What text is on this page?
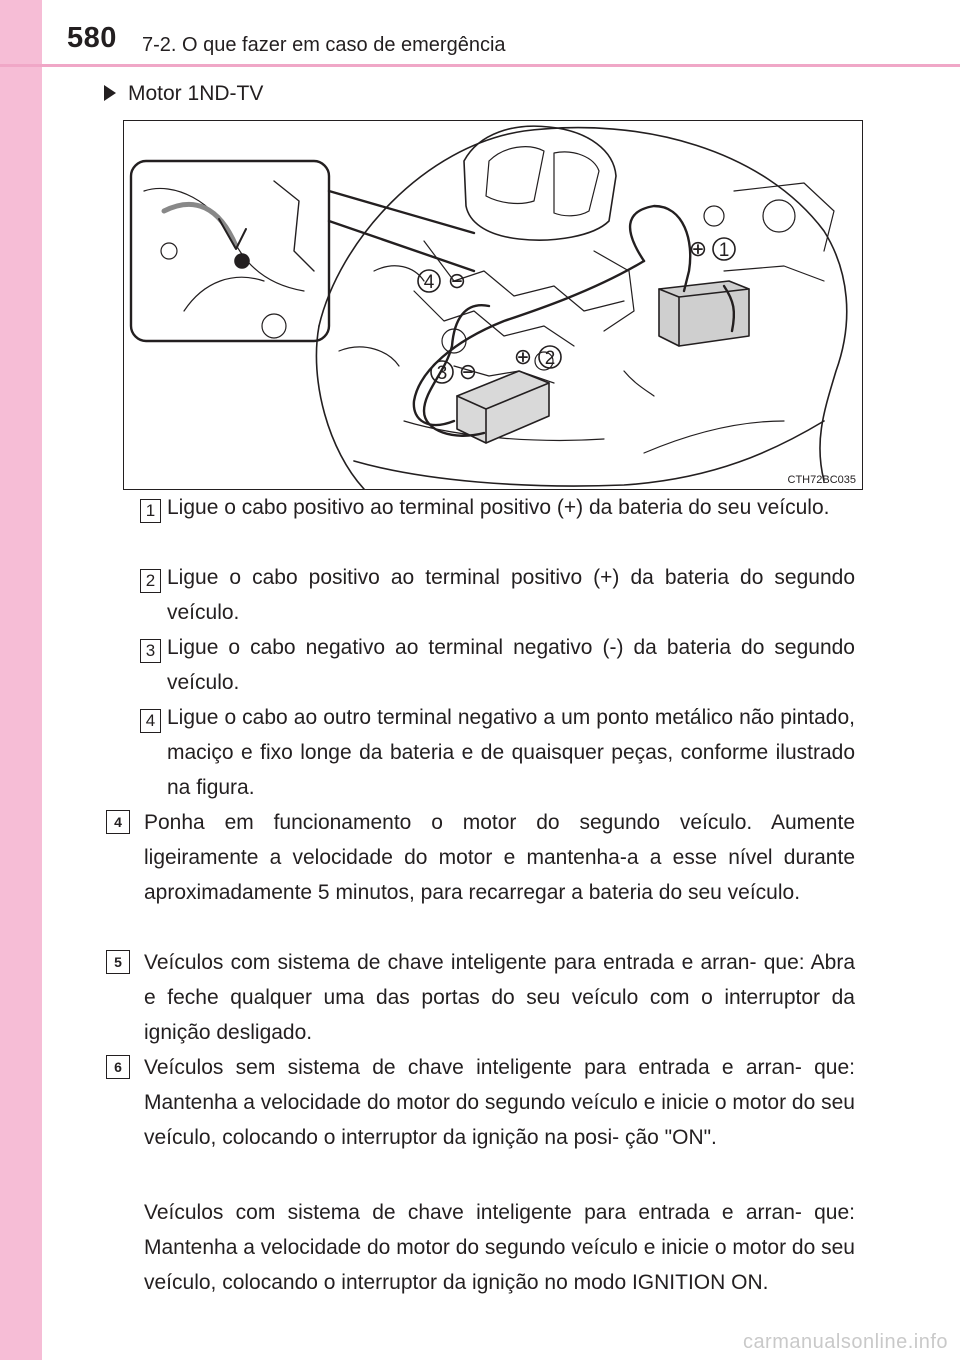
580 7-2. O que fazer em caso de emergência
Motor 1ND-TV
1
⊕
2
⊕
3 ⊖
4 ⊖
CTH72BC035
1 Ligue o cabo positivo ao terminal positivo (+) da bateria do seu veículo.
2 Ligue o cabo positivo ao terminal positivo (+) da bateria do segundo veículo.
3 Ligue o cabo negativo ao terminal negativo (-) da bateria do segundo veículo.
4 Ligue o cabo ao outro terminal negativo a um ponto metálico não pintado, maciço e fixo longe da bateria e de quaisquer peças, conforme ilustrado na figura.
4	Ponha em funcionamento o motor do segundo veículo. Aumente ligeiramente a velocidade do motor e mantenha-a a esse nível durante aproximadamente 5 minutos, para recarregar a bateria do seu veículo.
5	Veículos com sistema de chave inteligente para entrada e arran- que: Abra e feche qualquer uma das portas do seu veículo com o interruptor da ignição desligado.
6	Veículos sem sistema de chave inteligente para entrada e arran- que: Mantenha a velocidade do motor do segundo veículo e inicie o motor do seu veículo, colocando o interruptor da ignição na posi- ção "ON".
Veículos com sistema de chave inteligente para entrada e arran- que: Mantenha a velocidade do motor do segundo veículo e inicie o motor do seu veículo, colocando o interruptor da ignição no modo IGNITION ON.
carmanualsonline.info
